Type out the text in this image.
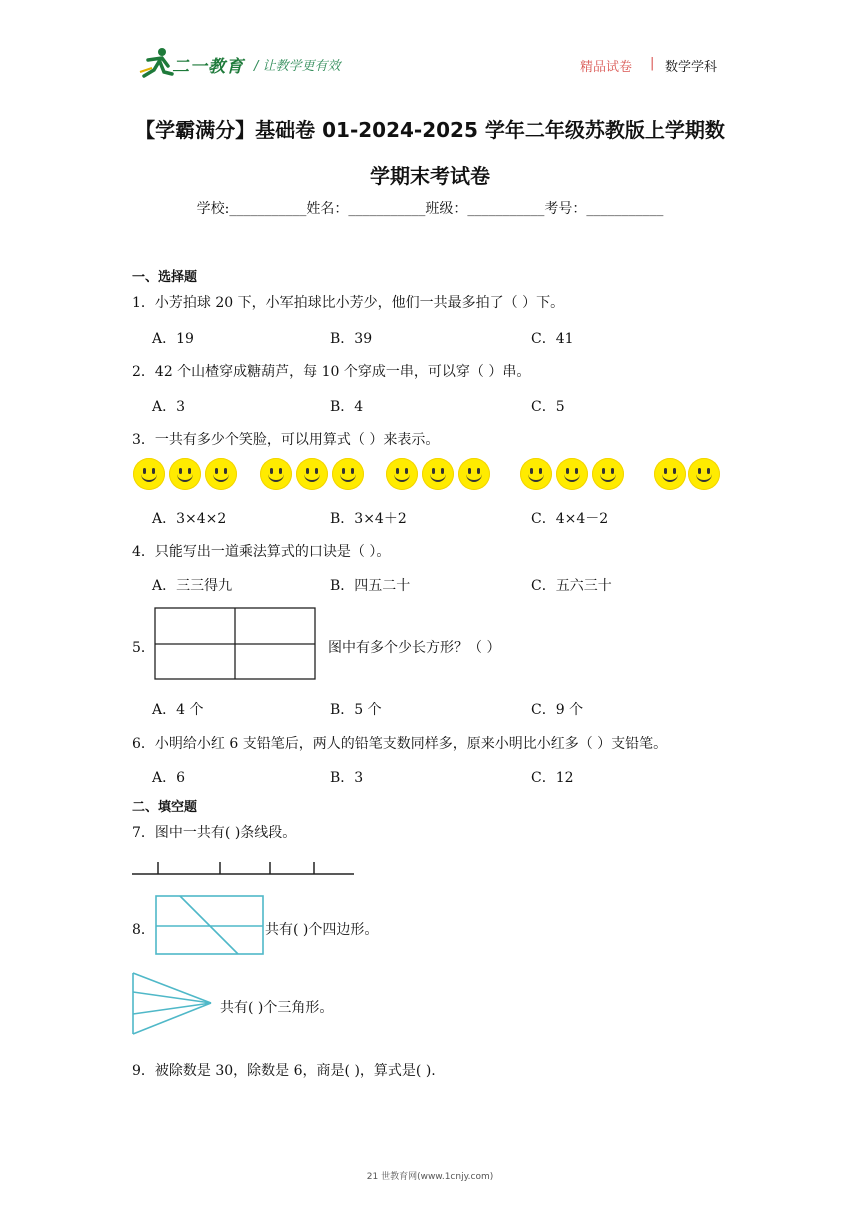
二一教育 / 让教学更有效	精品试卷 | 数学学科
【学霸满分】基础卷 01-2024-2025 学年二年级苏教版上学期数
学期末考试卷
学校:___________姓名：___________班级：___________考号：___________
一、选择题
1．小芳拍球 20 下，小军拍球比小芳少，他们一共最多拍了（ ）下。
A．19	B．39	C．41
2．42 个山楂穿成糖葫芦，每 10 个穿成一串，可以穿（ ）串。
A．3	B．4	C．5
3．一共有多少个笑脸，可以用算式（ ）来表示。
A．3×4×2	B．3×4＋2	C．4×4－2
4．只能写出一道乘法算式的口诀是（ ）。
A．三三得九	B．四五二十	C．五六三十
5．	图中有多个少长方形？（ ）
A．4 个	B．5 个	C．9 个
6．小明给小红 6 支铅笔后，两人的铅笔支数同样多，原来小明比小红多（ ）支铅笔。
A．6	B．3	C．12
二、填空题
7．图中一共有( )条线段。
8．	共有( )个四边形。
共有( )个三角形。
9．被除数是 30，除数是 6，商是( )，算式是( ).
21 世教育网(www.1cnjy.com)
